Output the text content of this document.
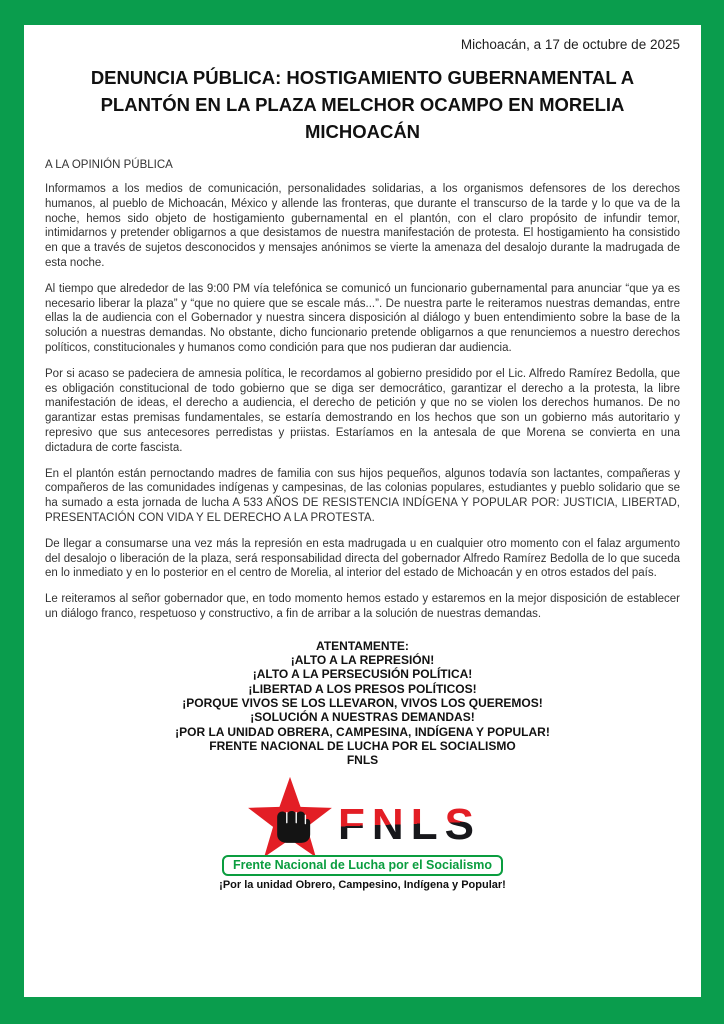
Michoacán, a 17 de octubre de 2025
DENUNCIA PÚBLICA: HOSTIGAMIENTO GUBERNAMENTAL A PLANTÓN EN LA PLAZA MELCHOR OCAMPO EN MORELIA MICHOACÁN
A LA OPINIÓN PÚBLICA

Informamos a los medios de comunicación, personalidades solidarias, a los organismos defensores de los derechos humanos, al pueblo de Michoacán, México y allende las fronteras, que durante el transcurso de la tarde y lo que va de la noche, hemos sido objeto de hostigamiento gubernamental en el plantón, con el claro propósito de infundir temor, intimidarnos y pretender obligarnos a que desistamos de nuestra manifestación de protesta. El hostigamiento ha consistido en que a través de sujetos desconocidos y mensajes anónimos se vierte la amenaza del desalojo durante la madrugada de esta noche.

Al tiempo que alrededor de las 9:00 PM vía telefónica se comunicó un funcionario gubernamental para anunciar “que ya es necesario liberar la plaza” y “que no quiere que se escale más...”. De nuestra parte le reiteramos nuestras demandas, entre ellas la de audiencia con el Gobernador y nuestra sincera disposición al diálogo y buen entendimiento sobre la base de la solución a nuestras demandas. No obstante, dicho funcionario pretende obligarnos a que renunciemos a nuestro derechos políticos, constitucionales y humanos como condición para que nos pudieran dar audiencia.

Por si acaso se padeciera de amnesia política, le recordamos al gobierno presidido por el Lic. Alfredo Ramírez Bedolla, que es obligación constitucional de todo gobierno que se diga ser democrático, garantizar el derecho a la protesta, la libre manifestación de ideas, el derecho a audiencia, el derecho de petición y que no se violen los derechos humanos. De no garantizar estas premisas fundamentales, se estaría demostrando en los hechos que son un gobierno más autoritario y represivo que sus antecesores perredistas y priistas. Estaríamos en la antesala de que Morena se convierta en una dictadura de corte fascista.

En el plantón están pernoctando madres de familia con sus hijos pequeños, algunos todavía son lactantes, compañeras y compañeros de las comunidades indígenas y campesinas, de las colonias populares, estudiantes y pueblo solidario que se ha sumado a esta jornada de lucha A 533 AÑOS DE RESISTENCIA INDÍGENA Y POPULAR POR: JUSTICIA, LIBERTAD, PRESENTACIÓN CON VIDA Y EL DERECHO A LA PROTESTA.

De llegar a consumarse una vez más la represión en esta madrugada u en cualquier otro momento con el falaz argumento del desalojo o liberación de la plaza, será responsabilidad directa del gobernador Alfredo Ramírez Bedolla de lo que suceda en lo inmediato y en lo posterior en el centro de Morelia, al interior del estado de Michoacán y en otros estados del país.

Le reiteramos al señor gobernador que, en todo momento hemos estado y estaremos en la mejor disposición de establecer un diálogo franco, respetuoso y constructivo, a fin de arribar a la solución de nuestras demandas.

ATENTAMENTE:
¡ALTO A LA REPRESIÓN!
¡ALTO A LA PERSECUSIÓN POLÍTICA!
¡LIBERTAD A LOS PRESOS POLÍTICOS!
¡PORQUE VIVOS SE LOS LLEVARON, VIVOS LOS QUEREMOS!
¡SOLUCIÓN A NUESTRAS DEMANDAS!
¡POR LA UNIDAD OBRERA, CAMPESINA, INDÍGENA Y POPULAR!
FRENTE NACIONAL DE LUCHA POR EL SOCIALISMO
FNLS
FNLS
Frente Nacional de Lucha por el Socialismo
¡Por la unidad Obrero, Campesino, Indígena y Popular!
